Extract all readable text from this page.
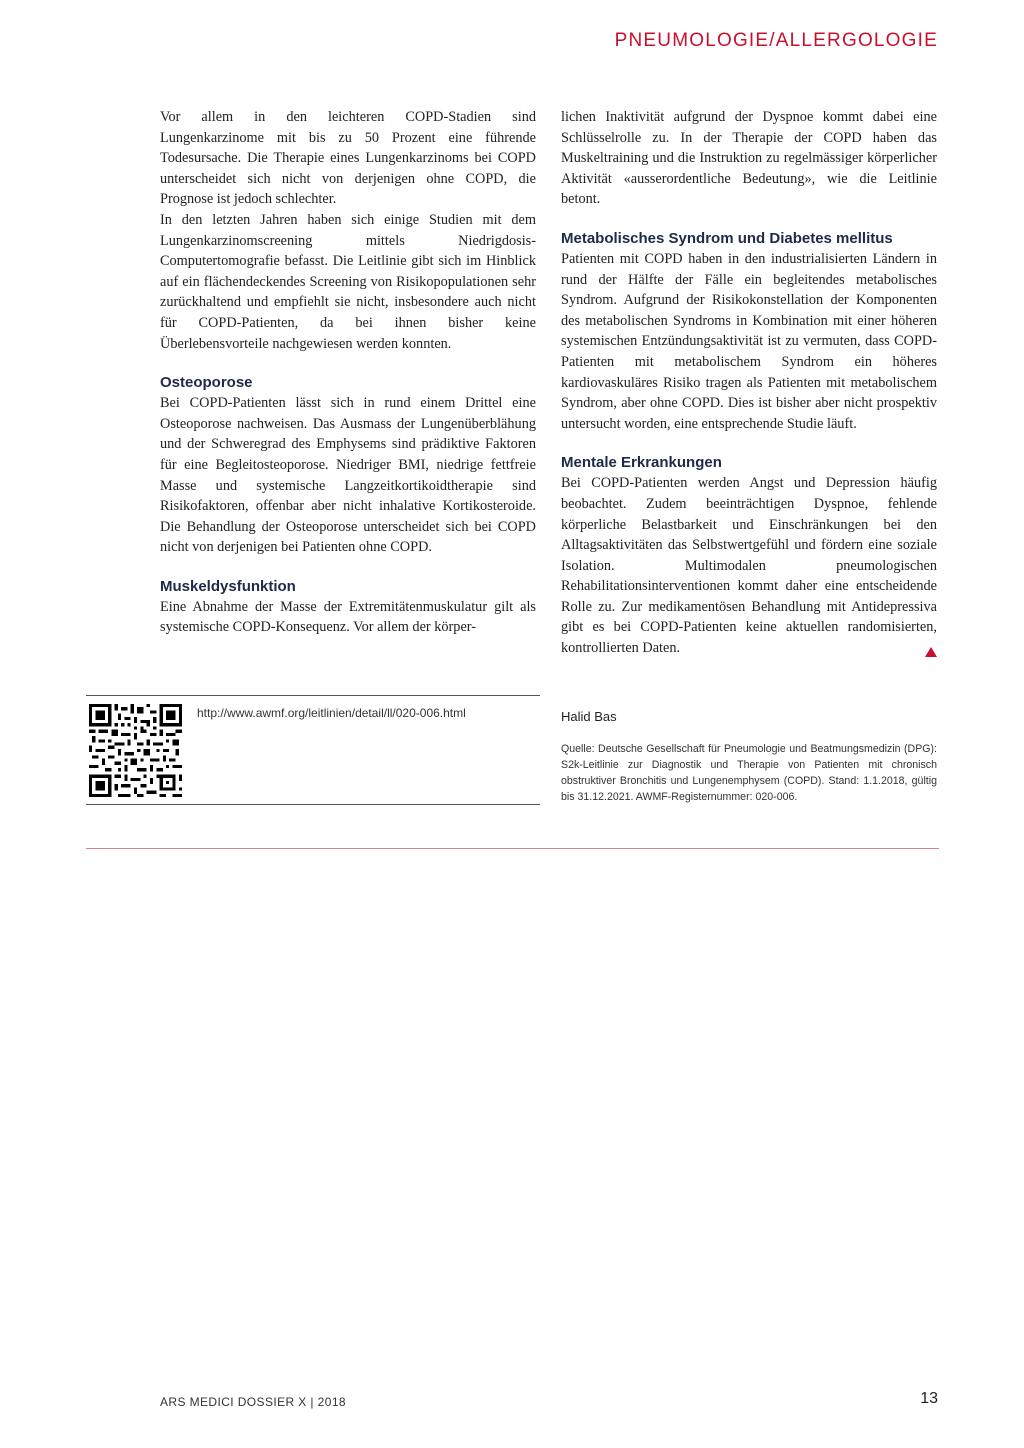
PNEUMOLOGIE/ALLERGOLOGIE

Vor allem in den leichteren COPD-Stadien sind Lungenkarzinome mit bis zu 50 Prozent eine führende Todesursache. Die Therapie eines Lungenkarzinoms bei COPD unterscheidet sich nicht von derjenigen ohne COPD, die Prognose ist jedoch schlechter.

In den letzten Jahren haben sich einige Studien mit dem Lungenkarzinomscreening mittels Niedrigdosis-Computertomografie befasst. Die Leitlinie gibt sich im Hinblick auf ein flächendeckendes Screening von Risikopopulationen sehr zurückhaltend und empfiehlt sie nicht, insbesondere auch nicht für COPD-Patienten, da bei ihnen bisher keine Überlebensvorteile nachgewiesen werden konnten.

Osteoporose

Bei COPD-Patienten lässt sich in rund einem Drittel eine Osteoporose nachweisen. Das Ausmass der Lungenüberblähung und der Schweregrad des Emphysems sind prädiktive Faktoren für eine Begleitosteoporose. Niedriger BMI, niedrige fettfreie Masse und systemische Langzeitkortikoidtherapie sind Risikofaktoren, offenbar aber nicht inhalative Kortikosteroide. Die Behandlung der Osteoporose unterscheidet sich bei COPD nicht von derjenigen bei Patienten ohne COPD.

Muskeldysfunktion

Eine Abnahme der Masse der Extremitätenmuskulatur gilt als systemische COPD-Konsequenz. Vor allem der körper-

lichen Inaktivität aufgrund der Dyspnoe kommt dabei eine Schlüsselrolle zu. In der Therapie der COPD haben das Muskeltraining und die Instruktion zu regelmässiger körperlicher Aktivität «ausserordentliche Bedeutung», wie die Leitlinie betont.

Metabolisches Syndrom und Diabetes mellitus

Patienten mit COPD haben in den industrialisierten Ländern in rund der Hälfte der Fälle ein begleitendes metabolisches Syndrom. Aufgrund der Risikokonstellation der Komponenten des metabolischen Syndroms in Kombination mit einer höheren systemischen Entzündungsaktivität ist zu vermuten, dass COPD-Patienten mit metabolischem Syndrom ein höheres kardiovaskuläres Risiko tragen als Patienten mit metabolischem Syndrom, aber ohne COPD. Dies ist bisher aber nicht prospektiv untersucht worden, eine entsprechende Studie läuft.

Mentale Erkrankungen

Bei COPD-Patienten werden Angst und Depression häufig beobachtet. Zudem beeinträchtigen Dyspnoe, fehlende körperliche Belastbarkeit und Einschränkungen bei den Alltagsaktivitäten das Selbstwertgefühl und fördern eine soziale Isolation. Multimodalen pneumologischen Rehabilitationsinterventionen kommt daher eine entscheidende Rolle zu. Zur medikamentösen Behandlung mit Antidepressiva gibt es bei COPD-Patienten keine aktuellen randomisierten, kontrollierten Daten.

http://www.awmf.org/leitlinien/detail/ll/020-006.html	Halid Bas

Quelle: Deutsche Gesellschaft für Pneumologie und Beatmungsmedizin (DPG): S2k-Leitlinie zur Diagnostik und Therapie von Patienten mit chronisch obstruktiver Bronchitis und Lungenemphysem (COPD). Stand: 1.1.2018, gültig bis 31.12.2021. AWMF-Registernummer: 020-006.

ARS MEDICI DOSSIER X | 2018	13
